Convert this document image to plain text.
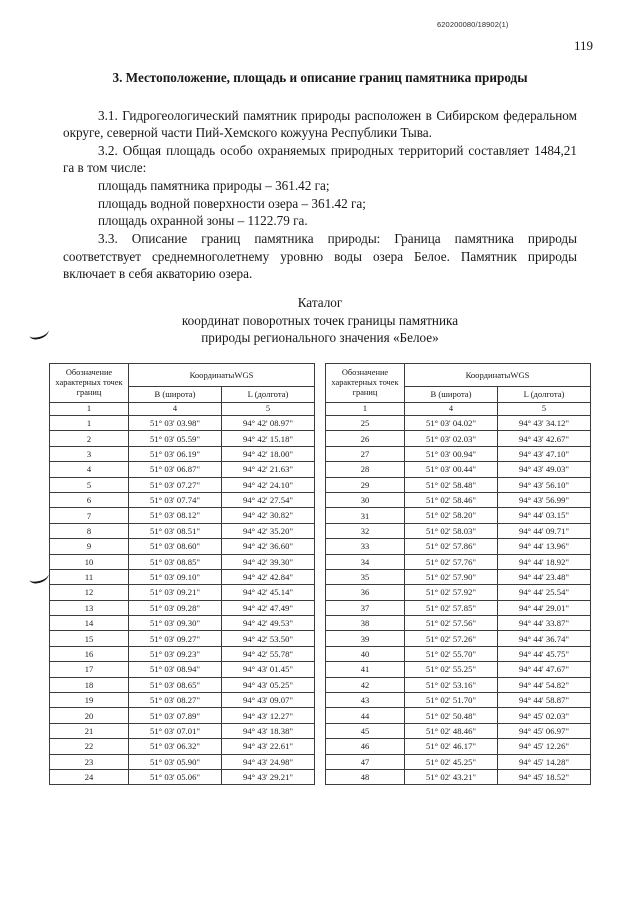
620200080/18902(1)
119
3. Местоположение, площадь и описание границ памятника природы

3.1. Гидрогеологический памятник природы расположен в Сибирском федеральном округе, северной части Пий-Хемского кожууна Республики Тыва.

3.2. Общая площадь особо охраняемых природных территорий составляет 1484,21 га в том числе:

площадь памятника природы – 361.42 га;

площадь водной поверхности озера – 361.42 га;

площадь охранной зоны – 1122.79 га.

3.3. Описание границ памятника природы: Граница памятника природы соответствует среднемноголетнему уровню воды озера Белое. Памятник природы включает в себя акваторию озера.

Каталог
координат поворотных точек границы памятника
природы регионального значения «Белое»
Обозначение характерных точек границ	КоординатыWGS	
	В (широта)	L (долгота)
1	4	5
1	51° 03' 03.98"	94° 42' 08.97"
2	51° 03' 05.59"	94° 42' 15.18"
3	51° 03' 06.19"	94° 42' 18.00"
4	51° 03' 06.87"	94° 42' 21.63"
5	51° 03' 07.27"	94° 42' 24.10"
6	51° 03' 07.74"	94° 42' 27.54"
7	51° 03' 08.12"	94° 42' 30.82"
8	51° 03' 08.51"	94° 42' 35.20"
9	51° 03' 08.60"	94° 42' 36.60"
10	51° 03' 08.85"	94° 42' 39.30"
11	51° 03' 09.10"	94° 42' 42.84"
12	51° 03' 09.21"	94° 42' 45.14"
13	51° 03' 09.28"	94° 42' 47.49"
14	51° 03' 09.30"	94° 42' 49.53"
15	51° 03' 09.27"	94° 42' 53.50"
16	51° 03' 09.23"	94° 42' 55.78"
17	51° 03' 08.94"	94° 43' 01.45"
18	51° 03' 08.65"	94° 43' 05.25"
19	51° 03' 08.27"	94° 43' 09.07"
20	51° 03' 07.89"	94° 43' 12.27"
21	51° 03' 07.01"	94° 43' 18.38"
22	51° 03' 06.32"	94° 43' 22.61"
23	51° 03' 05.90"	94° 43' 24.98"
24	51° 03' 05.06"	94° 43' 29.21"
Обозначение характерных точек границ	КоординатыWGS	
	В (широта)	L (долгота)
1	4	5
25	51° 03' 04.02"	94° 43' 34.12"
26	51° 03' 02.03"	94° 43' 42.67"
27	51° 03' 00.94"	94° 43' 47.10"
28	51° 03' 00.44"	94° 43' 49.03"
29	51° 02' 58.48"	94° 43' 56.10"
30	51° 02' 58.46"	94° 43' 56.99"
31	51° 02' 58.20"	94° 44' 03.15"
32	51° 02' 58.03"	94° 44' 09.71"
33	51° 02' 57.86"	94° 44' 13.96"
34	51° 02' 57.76"	94° 44' 18.92"
35	51° 02' 57.90"	94° 44' 23.48"
36	51° 02' 57.92"	94° 44' 25.54"
37	51° 02' 57.85"	94° 44' 29.01"
38	51° 02' 57.56"	94° 44' 33.87"
39	51° 02' 57.26"	94° 44' 36.74"
40	51° 02' 55.70"	94° 44' 45.75"
41	51° 02' 55.25"	94° 44' 47.67"
42	51° 02' 53.16"	94° 44' 54.82"
43	51° 02' 51.70"	94° 44' 58.87"
44	51° 02' 50.48"	94° 45' 02.03"
45	51° 02' 48.46"	94° 45' 06.97"
46	51° 02' 46.17"	94° 45' 12.26"
47	51° 02' 45.25"	94° 45' 14.28"
48	51° 02' 43.21"	94° 45' 18.52"
